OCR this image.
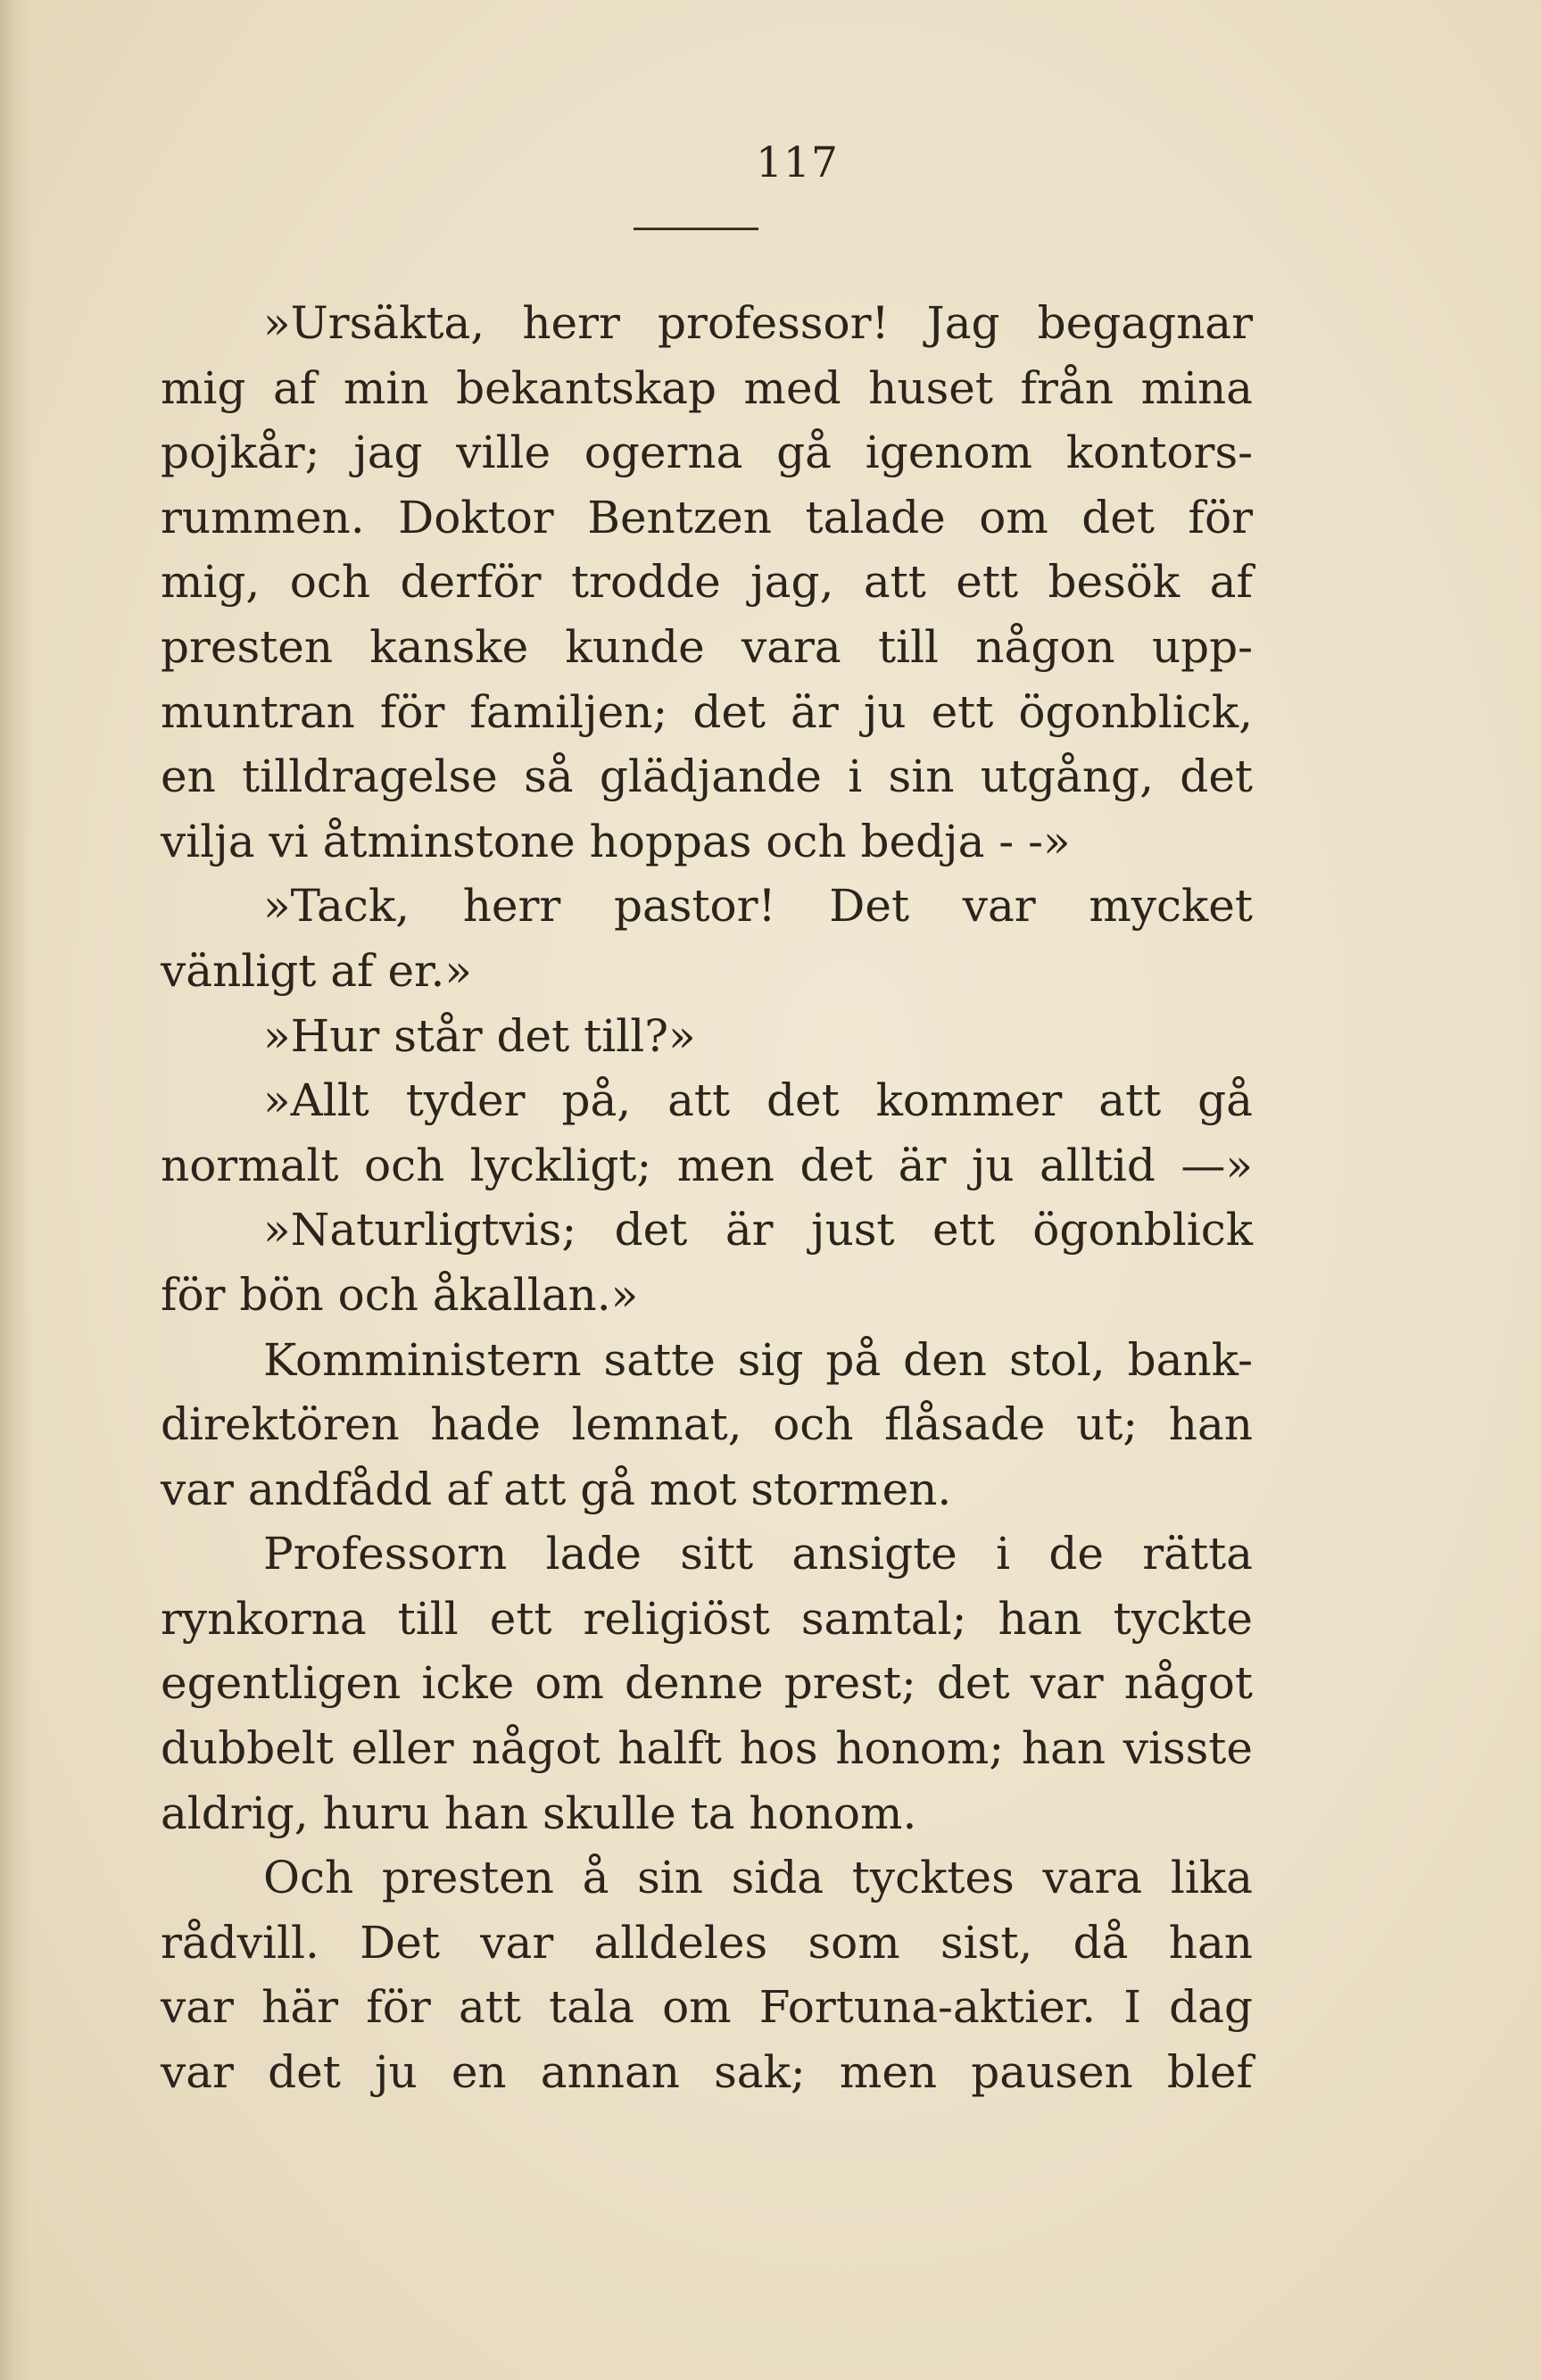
117
»Ursäkta, herr professor! Jag begagnar
mig af min bekantskap med huset från mina
pojkår; jag ville ogerna gå igenom kontors-
rummen. Doktor Bentzen talade om det för
mig, och derför trodde jag, att ett besök af
presten kanske kunde vara till någon upp-
muntran för familjen; det är ju ett ögonblick,
en tilldragelse så glädjande i sin utgång, det
vilja vi åtminstone hoppas och bedja - -»
»Tack, herr pastor! Det var mycket
vänligt af er.»
»Hur står det till?»
»Allt tyder på, att det kommer att gå
normalt och lyckligt; men det är ju alltid —»
»Naturligtvis; det är just ett ögonblick
för bön och åkallan.»
Komministern satte sig på den stol, bank-
direktören hade lemnat, och flåsade ut; han
var andfådd af att gå mot stormen.
Professorn lade sitt ansigte i de rätta
rynkorna till ett religiöst samtal; han tyckte
egentligen icke om denne prest; det var något
dubbelt eller något halft hos honom; han visste
aldrig, huru han skulle ta honom.
Och presten å sin sida tycktes vara lika
rådvill. Det var alldeles som sist, då han
var här för att tala om Fortuna-aktier. I dag
var det ju en annan sak; men pausen blef
